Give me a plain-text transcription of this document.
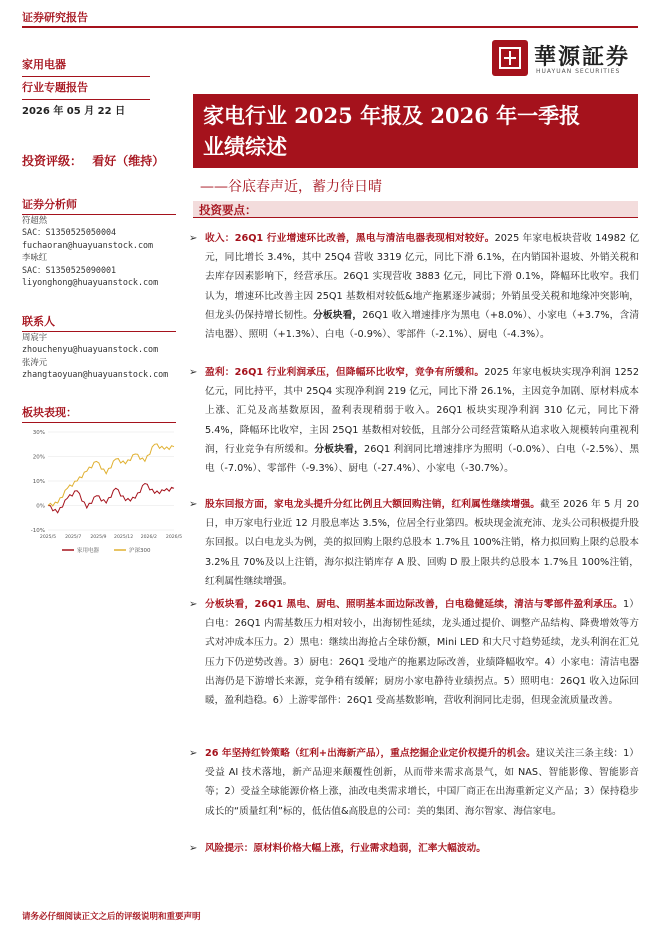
证券研究报告
家用电器
行业专题报告
華源証券
HUAYUAN SECURITIES
2026 年 05 月 22 日	家电行业 2025 年报及 2026 年一季报
业绩综述
——谷底春声近，蓄力待日晴
投资评级： 看好（维持）
证券分析师
符超然
SAC：S1350525050004
fuchaoran@huayuanstock.com
李咏红
SAC：S1350525090001
liyonghong@huayuanstock.com
联系人
周宸宇
zhouchenyu@huayuanstock.com
张涛元
zhangtaoyuan@huayuanstock.com
板块表现：
30%
20%
10%
0%
-10%
2025/5 2025/7 2025/9 2025/12 2026/2 2026/5
家用电器	沪深300
投资要点：
➢ 收入：26Q1 行业增速环比改善，黑电与清洁电器表现相对较好。2025 年家电板块营收 14982 亿元，同比增长 3.4%，其中 25Q4 营收 3319 亿元，同比下滑 6.1%，在内销国补退坡、外销关税和去库存因素影响下，经营承压。26Q1 实现营收 3883 亿元，同比下滑 0.1%，降幅环比收窄。我们认为，增速环比改善主因 25Q1 基数相对较低&地产拖累逐步减弱；外销虽受关税和地缘冲突影响，但龙头仍保持增长韧性。分板块看，26Q1 收入增速排序为黑电（+8.0%）、小家电（+3.7%，含清洁电器）、照明（+1.3%）、白电（-0.9%）、零部件（-2.1%）、厨电（-4.3%）。
➢ 盈利：26Q1 行业利润承压，但降幅环比收窄，竞争有所缓和。2025 年家电板块实现净利润 1252 亿元，同比持平，其中 25Q4 实现净利润 219 亿元，同比下滑 26.1%，主因竞争加剧、原材料成本上涨、汇兑及高基数原因，盈利表现稍弱于收入。26Q1 板块实现净利润 310 亿元，同比下滑 5.4%，降幅环比收窄，主因 25Q1 基数相对较低，且部分公司经营策略从追求收入规模转向重视利润，行业竞争有所缓和。分板块看，26Q1 利润同比增速排序为照明（-0.0%）、白电（-2.5%）、黑电（-7.0%）、零部件（-9.3%）、厨电（-27.4%）、小家电（-30.7%）。
➢ 股东回报方面，家电龙头提升分红比例且大额回购注销，红利属性继续增强。截至 2026 年 5 月 20 日，申万家电行业近 12 月股息率达 3.5%，位居全行业第四。板块现金流充沛、龙头公司积极提升股东回报。以白电龙头为例，美的拟回购上限约总股本 1.7%且 100%注销，格力拟回购上限约总股本 3.2%且 70%及以上注销，海尔拟注销库存 A 股、回购 D 股上限共约总股本 1.7%且 100%注销，红利属性继续增强。
➢ 分板块看，26Q1 黑电、厨电、照明基本面边际改善，白电稳健延续，清洁与零部件盈利承压。1）白电：26Q1 内需基数压力相对较小，出海韧性延续，龙头通过提价、调整产品结构、降费增效等方式对冲成本压力。2）黑电：继续出海抢占全球份额，Mini LED 和大尺寸趋势延续，龙头利润在汇兑压力下仍逆势改善。3）厨电：26Q1 受地产的拖累边际改善，业绩降幅收窄。4）小家电：清洁电器出海仍是下游增长来源，竞争稍有缓解；厨房小家电静待业绩拐点。5）照明电：26Q1 收入边际回暖，盈利趋稳。6）上游零部件：26Q1 受高基数影响，营收利润同比走弱，但现金流质量改善。
➢ 26 年坚持红铃策略（红利+出海新产品），重点挖掘企业定价权提升的机会。建议关注三条主线：1）受益 AI 技术落地，新产品迎来颠覆性创新，从而带来需求高景气，如 NAS、智能影像、智能影音等；2）受益全球能源价格上涨，油改电类需求增长，中国厂商正在出海重新定义产品；3）保持稳步成长的“质量红利”标的，低估值&高股息的公司：美的集团、海尔智家、海信家电。
➢ 风险提示：原材料价格大幅上涨，行业需求趋弱，汇率大幅波动。
请务必仔细阅读正文之后的评级说明和重要声明
